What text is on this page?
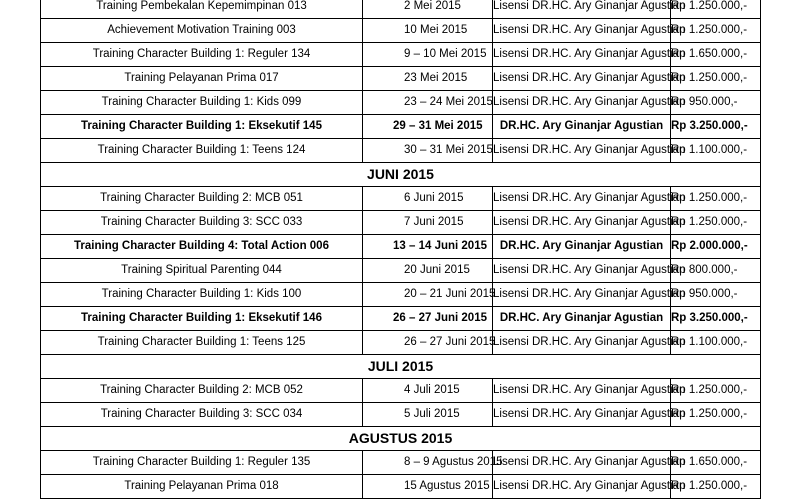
Training Pembekalan Kepemimpinan 013	2 Mei 2015	Lisensi DR.HC. Ary Ginanjar Agustian	Rp 1.250.000,-
Achievement Motivation Training 003	10 Mei 2015	Lisensi DR.HC. Ary Ginanjar Agustian	Rp 1.250.000,-
Training Character Building 1: Reguler 134	9 – 10 Mei 2015	Lisensi DR.HC. Ary Ginanjar Agustian	Rp 1.650.000,-
Training Pelayanan Prima 017	23 Mei 2015	Lisensi DR.HC. Ary Ginanjar Agustian	Rp 1.250.000,-
Training Character Building 1: Kids 099	23 – 24 Mei 2015	Lisensi DR.HC. Ary Ginanjar Agustian	Rp 950.000,-
Training Character Building 1: Eksekutif 145	29 – 31 Mei 2015	DR.HC. Ary Ginanjar Agustian	Rp 3.250.000,-
Training Character Building 1: Teens 124	30 – 31 Mei 2015	Lisensi DR.HC. Ary Ginanjar Agustian	Rp 1.100.000,-
JUNI 2015			
Training Character Building 2: MCB 051	6 Juni 2015	Lisensi DR.HC. Ary Ginanjar Agustian	Rp 1.250.000,-
Training Character Building 3: SCC 033	7 Juni 2015	Lisensi DR.HC. Ary Ginanjar Agustian	Rp 1.250.000,-
Training Character Building 4: Total Action 006	13 – 14 Juni 2015	DR.HC. Ary Ginanjar Agustian	Rp 2.000.000,-
Training Spiritual Parenting 044	20 Juni 2015	Lisensi DR.HC. Ary Ginanjar Agustian	Rp 800.000,-
Training Character Building 1: Kids 100	20 – 21 Juni 2015	Lisensi DR.HC. Ary Ginanjar Agustian	Rp 950.000,-
Training Character Building 1: Eksekutif 146	26 – 27 Juni 2015	DR.HC. Ary Ginanjar Agustian	Rp 3.250.000,-
Training Character Building 1: Teens 125	26 – 27 Juni 2015	Lisensi DR.HC. Ary Ginanjar Agustian	Rp 1.100.000,-
JULI 2015			
Training Character Building 2: MCB 052	4 Juli 2015	Lisensi DR.HC. Ary Ginanjar Agustian	Rp 1.250.000,-
Training Character Building 3: SCC 034	5 Juli 2015	Lisensi DR.HC. Ary Ginanjar Agustian	Rp 1.250.000,-
AGUSTUS 2015			
Training Character Building 1: Reguler 135	8 – 9 Agustus 2015	Lisensi DR.HC. Ary Ginanjar Agustian	Rp 1.650.000,-
Training Pelayanan Prima 018	15 Agustus 2015	Lisensi DR.HC. Ary Ginanjar Agustian	Rp 1.250.000,-
